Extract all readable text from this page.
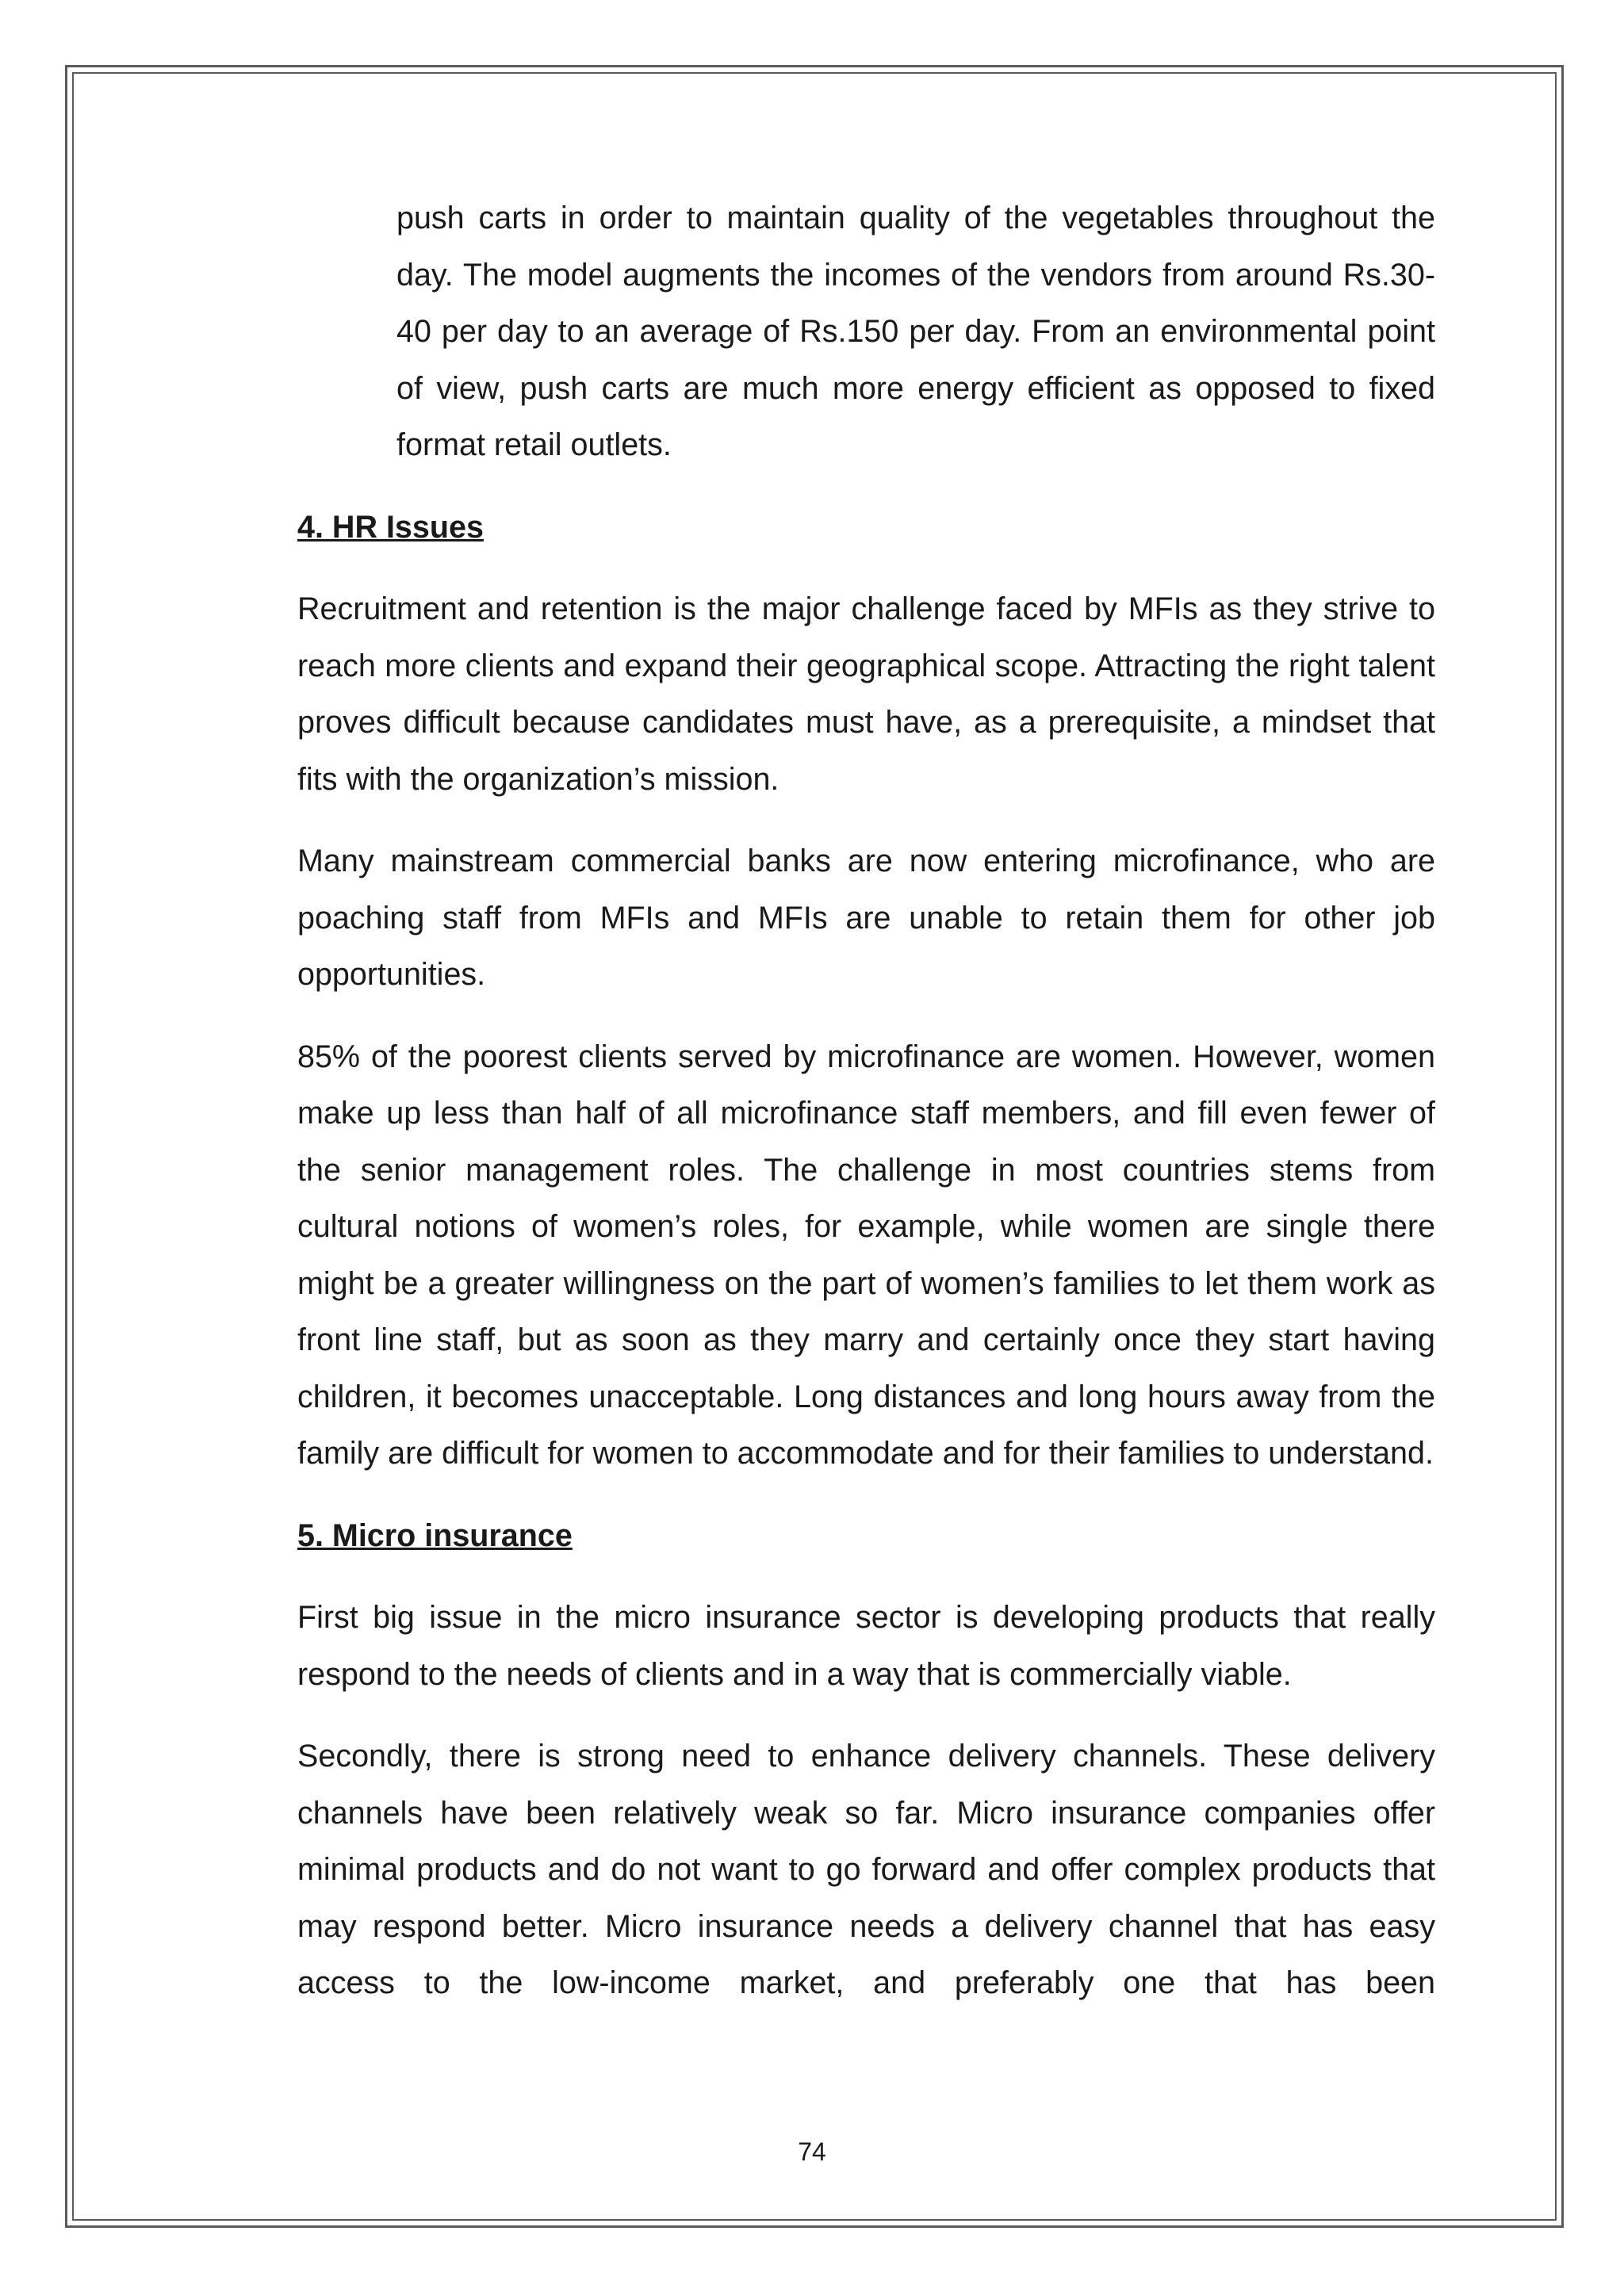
push carts in order to maintain quality of the vegetables throughout the day. The model augments the incomes of the vendors from around Rs.30-40 per day to an average of Rs.150 per day. From an environmental point of view, push carts are much more energy efficient as opposed to fixed format retail outlets.

4. HR Issues

Recruitment and retention is the major challenge faced by MFIs as they strive to reach more clients and expand their geographical scope. Attracting the right talent proves difficult because candidates must have, as a prerequisite, a mindset that fits with the organization’s mission.

Many mainstream commercial banks are now entering microfinance, who are poaching staff from MFIs and MFIs are unable to retain them for other job opportunities.

85% of the poorest clients served by microfinance are women. However, women make up less than half of all microfinance staff members, and fill even fewer of the senior management roles. The challenge in most countries stems from cultural notions of women’s roles, for example, while women are single there might be a greater willingness on the part of women’s families to let them work as front line staff, but as soon as they marry and certainly once they start having children, it becomes unacceptable. Long distances and long hours away from the family are difficult for women to accommodate and for their families to understand.

5. Micro insurance

First big issue in the micro insurance sector is developing products that really respond to the needs of clients and in a way that is commercially viable.

Secondly, there is strong need to enhance delivery channels. These delivery channels have been relatively weak so far. Micro insurance companies offer minimal products and do not want to go forward and offer complex products that may respond better. Micro insurance needs a delivery channel that has easy access to the low-income market, and preferably one that has been

74
